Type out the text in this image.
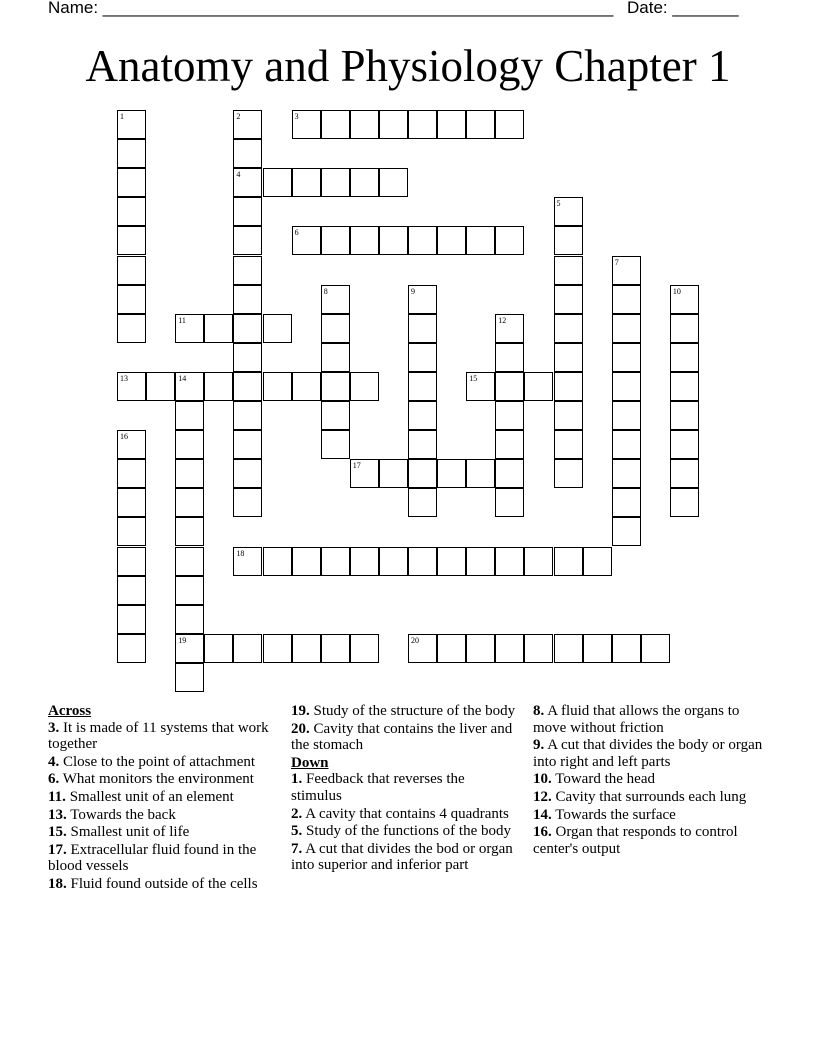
Name: ______________________________________________________ Date: _______
Anatomy and Physiology Chapter 1
1	2
4
3
5
6
7
8	9	10
11	12
13	14
19
15
16
17
18
20
Across
3. It is made of 11 systems that work together
4. Close to the point of attachment
6. What monitors the environment
11. Smallest unit of an element
13. Towards the back
15. Smallest unit of life
17. Extracellular fluid found in the blood vessels
18. Fluid found outside of the cells
19. Study of the structure of the body
20. Cavity that contains the liver and the stomach
Down
1. Feedback that reverses the stimulus
2. A cavity that contains 4 quadrants
5. Study of the functions of the body
7. A cut that divides the bod or organ into superior and inferior part
8. A fluid that allows the organs to move without friction
9. A cut that divides the body or organ into right and left parts
10. Toward the head
12. Cavity that surrounds each lung
14. Towards the surface
16. Organ that responds to control center's output
